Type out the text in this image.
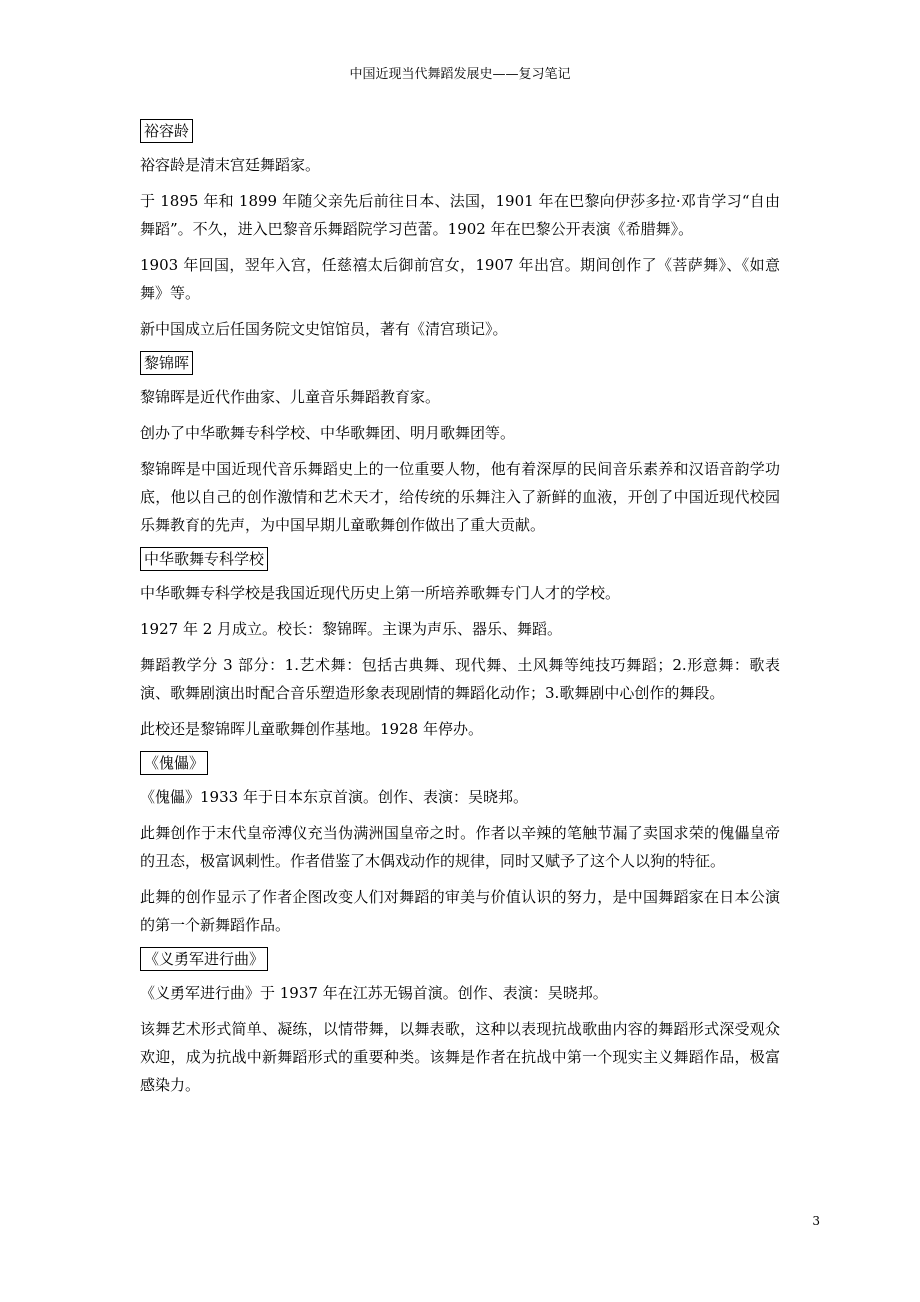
中国近现当代舞蹈发展史——复习笔记
裕容龄

裕容龄是清末宫廷舞蹈家。

于 1895 年和 1899 年随父亲先后前往日本、法国，1901 年在巴黎向伊莎多拉·邓肯学习“自由舞蹈”。不久，进入巴黎音乐舞蹈院学习芭蕾。1902 年在巴黎公开表演《希腊舞》。

1903 年回国，翌年入宫，任慈禧太后御前宫女，1907 年出宫。期间创作了《菩萨舞》、《如意舞》等。

新中国成立后任国务院文史馆馆员，著有《清宫琐记》。

黎锦晖

黎锦晖是近代作曲家、儿童音乐舞蹈教育家。

创办了中华歌舞专科学校、中华歌舞团、明月歌舞团等。

黎锦晖是中国近现代音乐舞蹈史上的一位重要人物，他有着深厚的民间音乐素养和汉语音韵学功底，他以自己的创作激情和艺术天才，给传统的乐舞注入了新鲜的血液，开创了中国近现代校园乐舞教育的先声，为中国早期儿童歌舞创作做出了重大贡献。

中华歌舞专科学校

中华歌舞专科学校是我国近现代历史上第一所培养歌舞专门人才的学校。

1927 年 2 月成立。校长：黎锦晖。主课为声乐、器乐、舞蹈。

舞蹈教学分 3 部分：1.艺术舞：包括古典舞、现代舞、土风舞等纯技巧舞蹈；2.形意舞：歌表演、歌舞剧演出时配合音乐塑造形象表现剧情的舞蹈化动作；3.歌舞剧中心创作的舞段。

此校还是黎锦晖儿童歌舞创作基地。1928 年停办。

《傀儡》

《傀儡》1933 年于日本东京首演。创作、表演：吴晓邦。

此舞创作于末代皇帝溥仪充当伪满洲国皇帝之时。作者以辛辣的笔触节漏了卖国求荣的傀儡皇帝的丑态，极富讽刺性。作者借鉴了木偶戏动作的规律，同时又赋予了这个人以狗的特征。

此舞的创作显示了作者企图改变人们对舞蹈的审美与价值认识的努力，是中国舞蹈家在日本公演的第一个新舞蹈作品。

《义勇军进行曲》

《义勇军进行曲》于 1937 年在江苏无锡首演。创作、表演：吴晓邦。

该舞艺术形式简单、凝练，以情带舞，以舞表歌，这种以表现抗战歌曲内容的舞蹈形式深受观众欢迎，成为抗战中新舞蹈形式的重要种类。该舞是作者在抗战中第一个现实主义舞蹈作品，极富感染力。

3
